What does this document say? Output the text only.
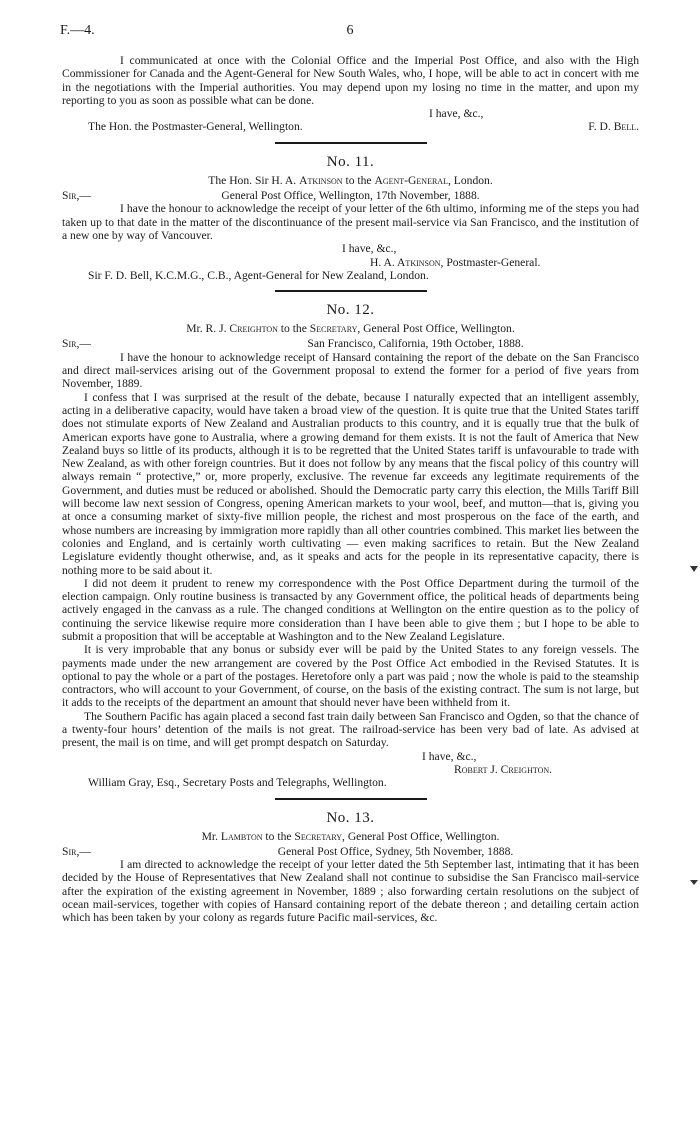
F.—4.	6

I communicated at once with the Colonial Office and the Imperial Post Office, and also with the High Commissioner for Canada and the Agent-General for New South Wales, who, I hope, will be able to act in concert with me in the negotiations with the Imperial authorities. You may depend upon my losing no time in the matter, and upon my reporting to you as soon as possible what can be done.

I have, &c.,
The Hon. the Postmaster-General, Wellington.	F. D. Bell.
No. 11.
The Hon. Sir H. A. Atkinson to the Agent-General, London.
Sir,—	General Post Office, Wellington, 17th November, 1888.

I have the honour to acknowledge the receipt of your letter of the 6th ultimo, informing me of the steps you had taken up to that date in the matter of the discontinuance of the present mail-service via San Francisco, and the institution of a new one by way of Vancouver.

I have, &c.,
H. A. Atkinson, Postmaster-General.
Sir F. D. Bell, K.C.M.G., C.B., Agent-General for New Zealand, London.
No. 12.
Mr. R. J. Creighton to the Secretary, General Post Office, Wellington.
Sir,—	San Francisco, California, 19th October, 1888.

I have the honour to acknowledge receipt of Hansard containing the report of the debate on the San Francisco and direct mail-services arising out of the Government proposal to extend the former for a period of five years from November, 1889.

I confess that I was surprised at the result of the debate, because I naturally expected that an intelligent assembly, acting in a deliberative capacity, would have taken a broad view of the question. It is quite true that the United States tariff does not stimulate exports of New Zealand and Australian products to this country, and it is equally true that the bulk of American exports have gone to Australia, where a growing demand for them exists. It is not the fault of America that New Zealand buys so little of its products, although it is to be regretted that the United States tariff is unfavourable to trade with New Zealand, as with other foreign countries. But it does not follow by any means that the fiscal policy of this country will always remain “ protective,” or, more properly, exclusive. The revenue far exceeds any legitimate requirements of the Government, and duties must be reduced or abolished. Should the Democratic party carry this election, the Mills Tariff Bill will become law next session of Congress, opening American markets to your wool, beef, and mutton—that is, giving you at once a consuming market of sixty-five million people, the richest and most prosperous on the face of the earth, and whose numbers are increasing by immigration more rapidly than all other countries combined. This market lies between the colonies and England, and is certainly worth cultivating — even making sacrifices to retain. But the New Zealand Legislature evidently thought otherwise, and, as it speaks and acts for the people in its representative capacity, there is nothing more to be said about it.

I did not deem it prudent to renew my correspondence with the Post Office Department during the turmoil of the election campaign. Only routine business is transacted by any Government office, the political heads of departments being actively engaged in the canvass as a rule. The changed conditions at Wellington on the entire question as to the policy of continuing the service likewise require more consideration than I have been able to give them ; but I hope to be able to submit a proposition that will be acceptable at Washington and to the New Zealand Legislature.

It is very improbable that any bonus or subsidy ever will be paid by the United States to any foreign vessels. The payments made under the new arrangement are covered by the Post Office Act embodied in the Revised Statutes. It is optional to pay the whole or a part of the postages. Heretofore only a part was paid ; now the whole is paid to the steamship contractors, who will account to your Government, of course, on the basis of the existing contract. The sum is not large, but it adds to the receipts of the department an amount that should never have been withheld from it.

The Southern Pacific has again placed a second fast train daily between San Francisco and Ogden, so that the chance of a twenty-four hours’ detention of the mails is not great. The railroad-service has been very bad of late. As advised at present, the mail is on time, and will get prompt despatch on Saturday.

I have, &c.,
Robert J. Creighton.
William Gray, Esq., Secretary Posts and Telegraphs, Wellington.
No. 13.
Mr. Lambton to the Secretary, General Post Office, Wellington.
Sir,—	General Post Office, Sydney, 5th November, 1888.

I am directed to acknowledge the receipt of your letter dated the 5th September last, intimating that it has been decided by the House of Representatives that New Zealand shall not continue to subsidise the San Francisco mail-service after the expiration of the existing agreement in November, 1889 ; also forwarding certain resolutions on the subject of ocean mail-services, together with copies of Hansard containing report of the debate thereon ; and detailing certain action which has been taken by your colony as regards future Pacific mail-services, &c.
